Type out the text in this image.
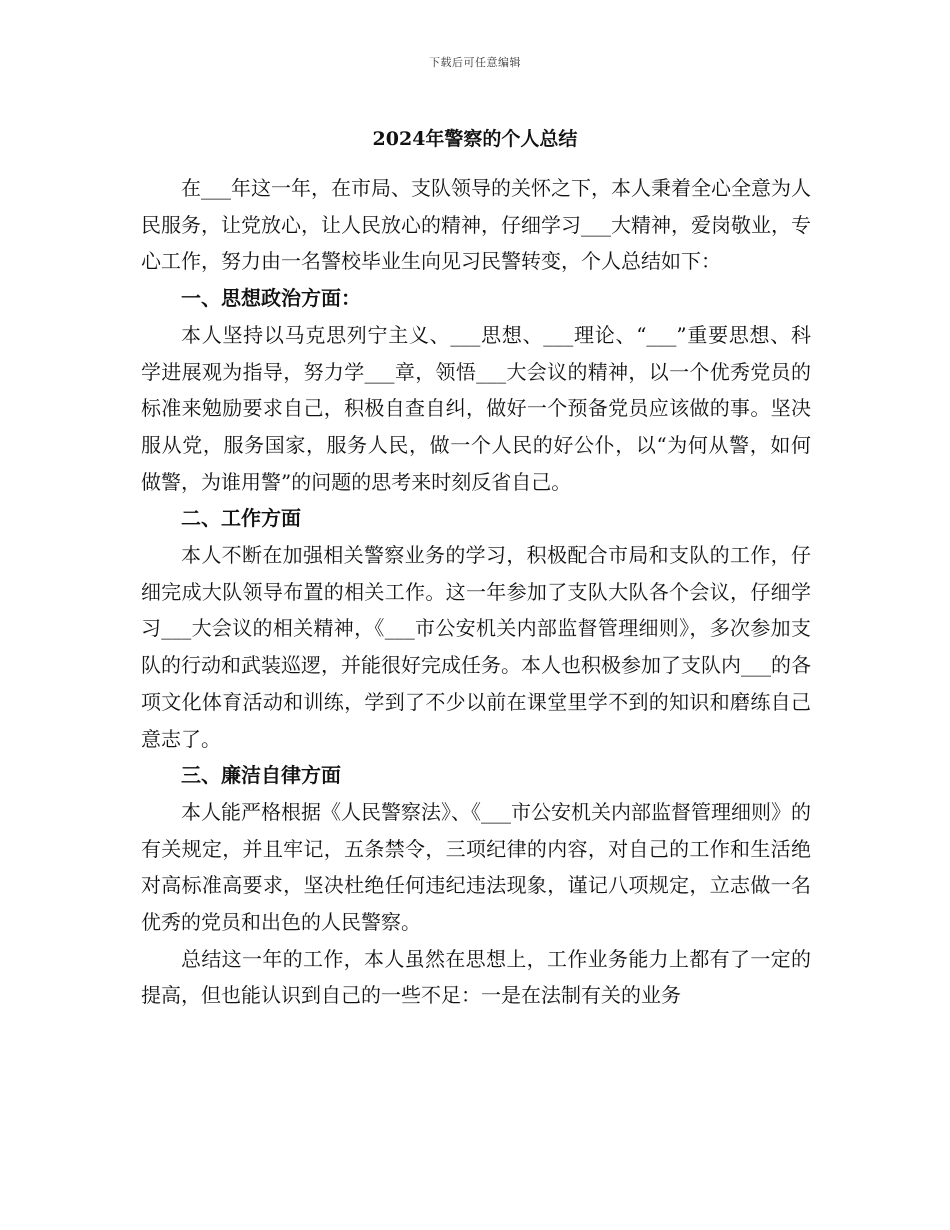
下载后可任意编辑
2024年警察的个人总结

在___年这一年，在市局、支队领导的关怀之下，本人秉着全心全意为人民服务，让党放心，让人民放心的精神，仔细学习___大精神，爱岗敬业，专心工作，努力由一名警校毕业生向见习民警转变，个人总结如下：

一、思想政治方面：

本人坚持以马克思列宁主义、___思想、___理论、“___”重要思想、科学进展观为指导，努力学___章，领悟___大会议的精神，以一个优秀党员的标准来勉励要求自己，积极自查自纠，做好一个预备党员应该做的事。坚决服从党，服务国家，服务人民，做一个人民的好公仆，以“为何从警，如何做警，为谁用警”的问题的思考来时刻反省自己。

二、工作方面

本人不断在加强相关警察业务的学习，积极配合市局和支队的工作，仔细完成大队领导布置的相关工作。这一年参加了支队大队各个会议，仔细学习___大会议的相关精神，《___市公安机关内部监督管理细则》，多次参加支队的行动和武装巡逻，并能很好完成任务。本人也积极参加了支队内___的各项文化体育活动和训练，学到了不少以前在课堂里学不到的知识和磨练自己意志了。

三、廉洁自律方面

本人能严格根据《人民警察法》、《___市公安机关内部监督管理细则》的有关规定，并且牢记，五条禁令，三项纪律的内容，对自己的工作和生活绝对高标准高要求，坚决杜绝任何违纪违法现象，谨记八项规定，立志做一名优秀的党员和出色的人民警察。

总结这一年的工作，本人虽然在思想上，工作业务能力上都有了一定的提高，但也能认识到自己的一些不足：一是在法制有关的业务
